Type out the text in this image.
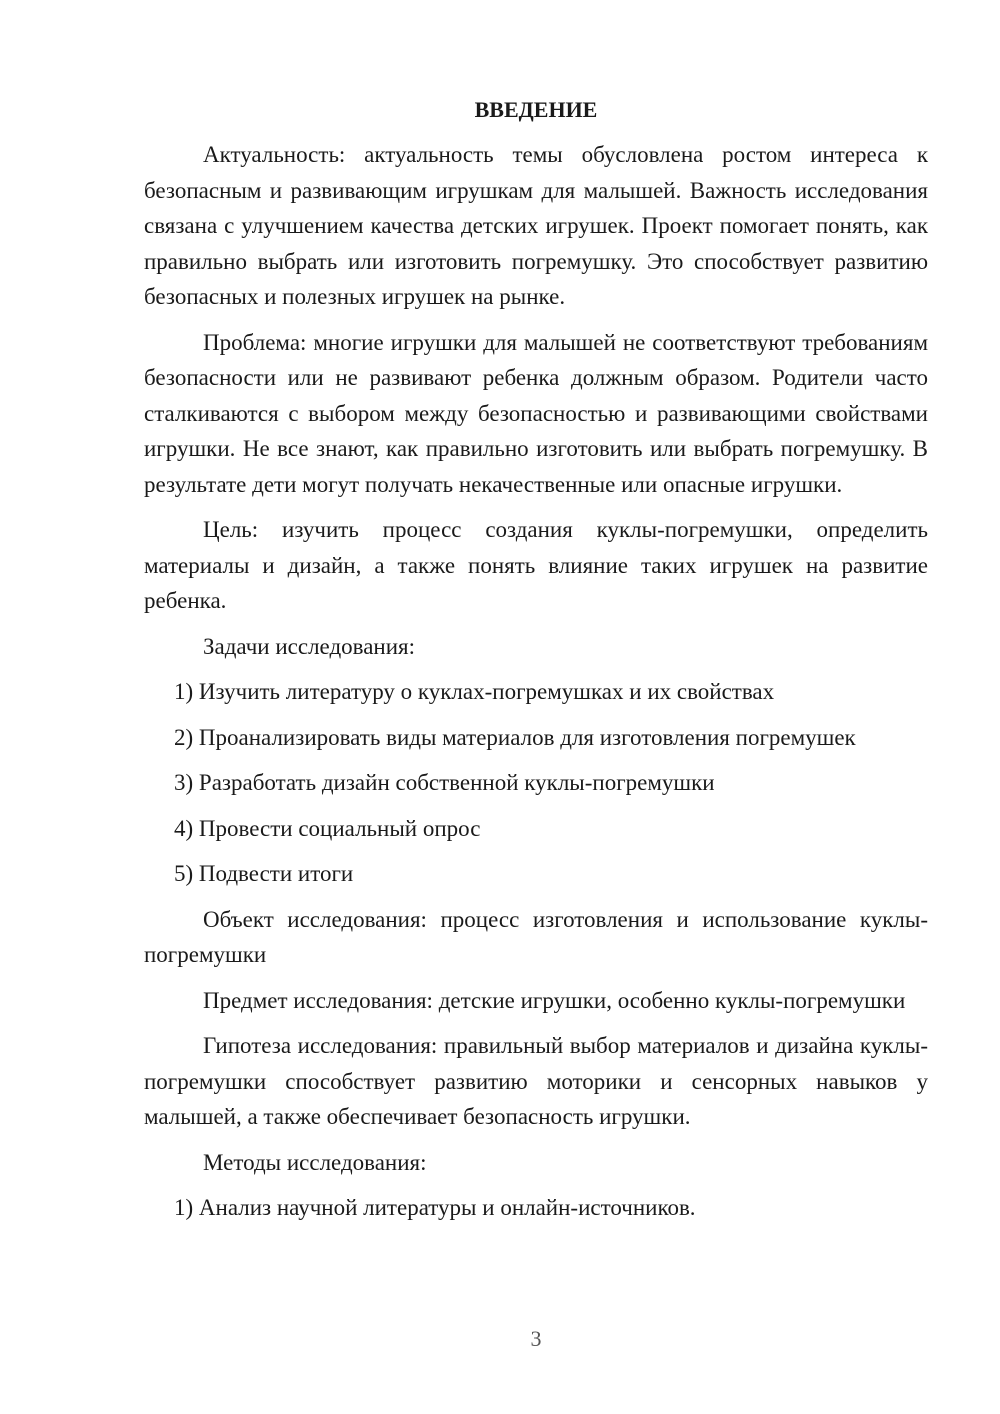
ВВЕДЕНИЕ
Актуальность: актуальность темы обусловлена ростом интереса к безопасным и развивающим игрушкам для малышей. Важность исследования связана с улучшением качества детских игрушек. Проект помогает понять, как правильно выбрать или изготовить погремушку. Это способствует развитию безопасных и полезных игрушек на рынке.
Проблема: многие игрушки для малышей не соответствуют требованиям безопасности или не развивают ребенка должным образом. Родители часто сталкиваются с выбором между безопасностью и развивающими свойствами игрушки. Не все знают, как правильно изготовить или выбрать погремушку. В результате дети могут получать некачественные или опасные игрушки.
Цель: изучить процесс создания куклы-погремушки, определить материалы и дизайн, а также понять влияние таких игрушек на развитие ребенка.
Задачи исследования:
1) Изучить литературу о куклах-погремушках и их свойствах
2) Проанализировать виды материалов для изготовления погремушек
3) Разработать дизайн собственной куклы-погремушки
4) Провести социальный опрос
5) Подвести итоги
Объект исследования: процесс изготовления и использование куклы-погремушки
Предмет исследования: детские игрушки, особенно куклы-погремушки
Гипотеза исследования: правильный выбор материалов и дизайна куклы-погремушки способствует развитию моторики и сенсорных навыков у малышей, а также обеспечивает безопасность игрушки.
Методы исследования:
1) Анализ научной литературы и онлайн-источников.
3
